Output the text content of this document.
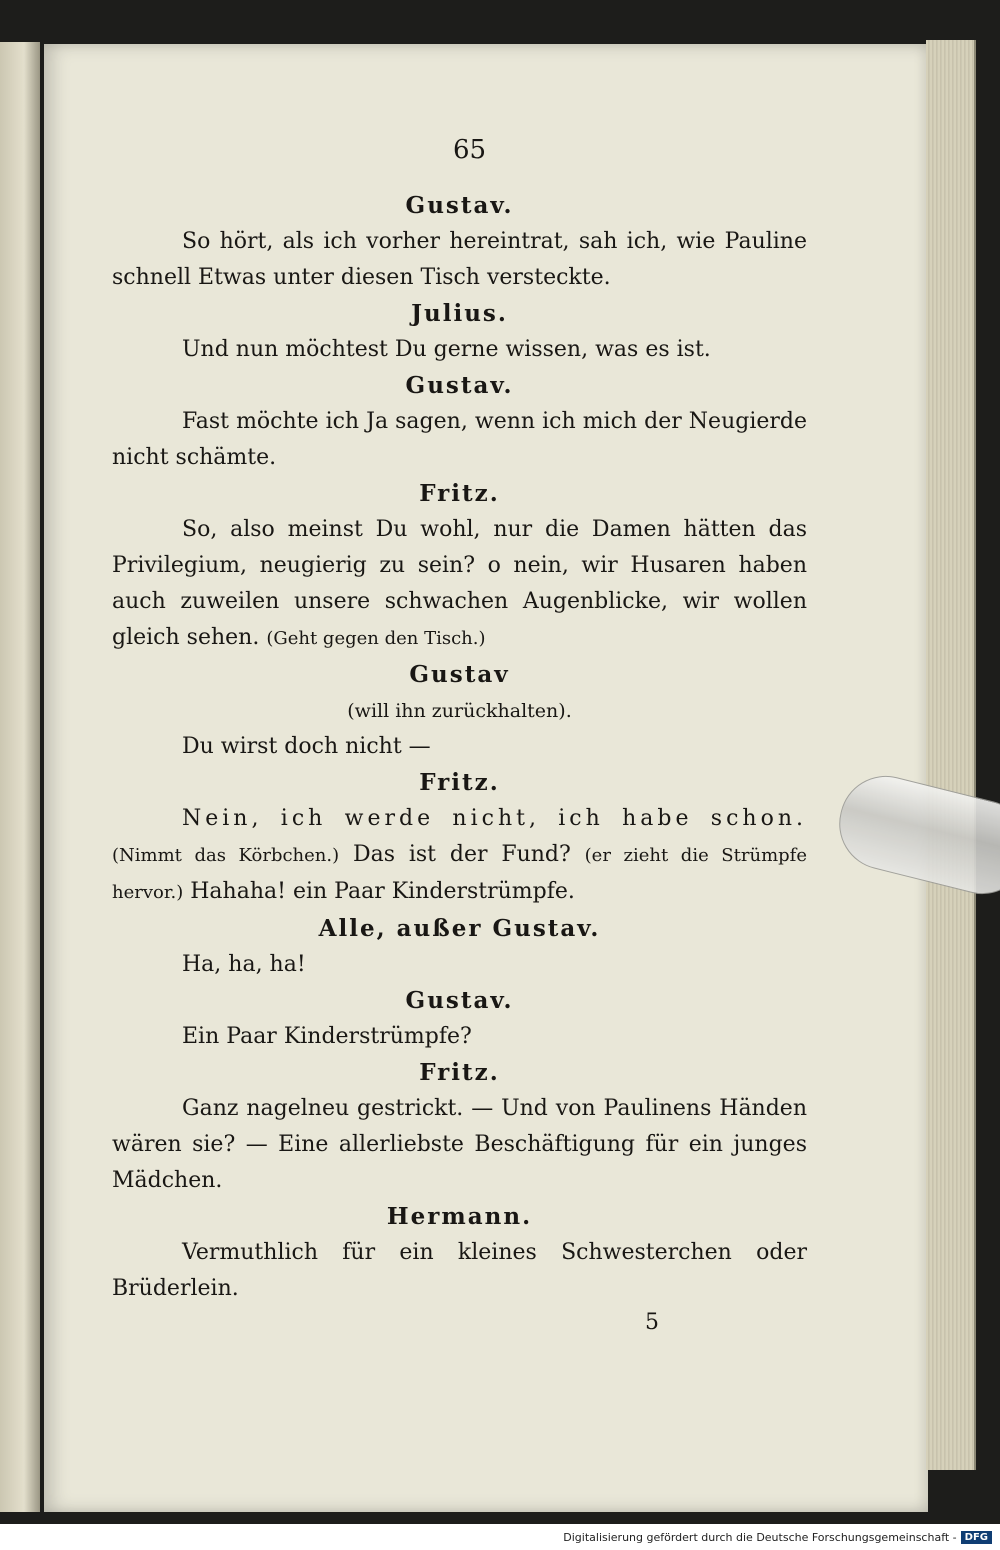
65
Gustav.
So hört, als ich vorher hereintrat, sah ich, wie Pauline schnell Etwas unter diesen Tisch versteckte.
Julius.
Und nun möchtest Du gerne wissen, was es ist.
Gustav.
Fast möchte ich Ja sagen, wenn ich mich der Neugierde nicht schämte.
Fritz.
So, also meinst Du wohl, nur die Damen hätten das Privilegium, neugierig zu sein? o nein, wir Husaren haben auch zuweilen unsere schwachen Augenblicke, wir wollen gleich sehen. (Geht gegen den Tisch.)
Gustav
(will ihn zurückhalten).
Du wirst doch nicht —
Fritz.
Nein, ich werde nicht, ich habe schon. (Nimmt das Körbchen.) Das ist der Fund? (er zieht die Strümpfe hervor.) Hahaha! ein Paar Kinderstrümpfe.
Alle, außer Gustav.
Ha, ha, ha!
Gustav.
Ein Paar Kinderstrümpfe?
Fritz.
Ganz nagelneu gestrickt. — Und von Paulinens Händen wären sie? — Eine allerliebste Beschäftigung für ein junges Mädchen.
Hermann.
Vermuthlich für ein kleines Schwesterchen oder Brüderlein.
5
Digitalisierung gefördert durch die Deutsche Forschungsgemeinschaft - DFG
